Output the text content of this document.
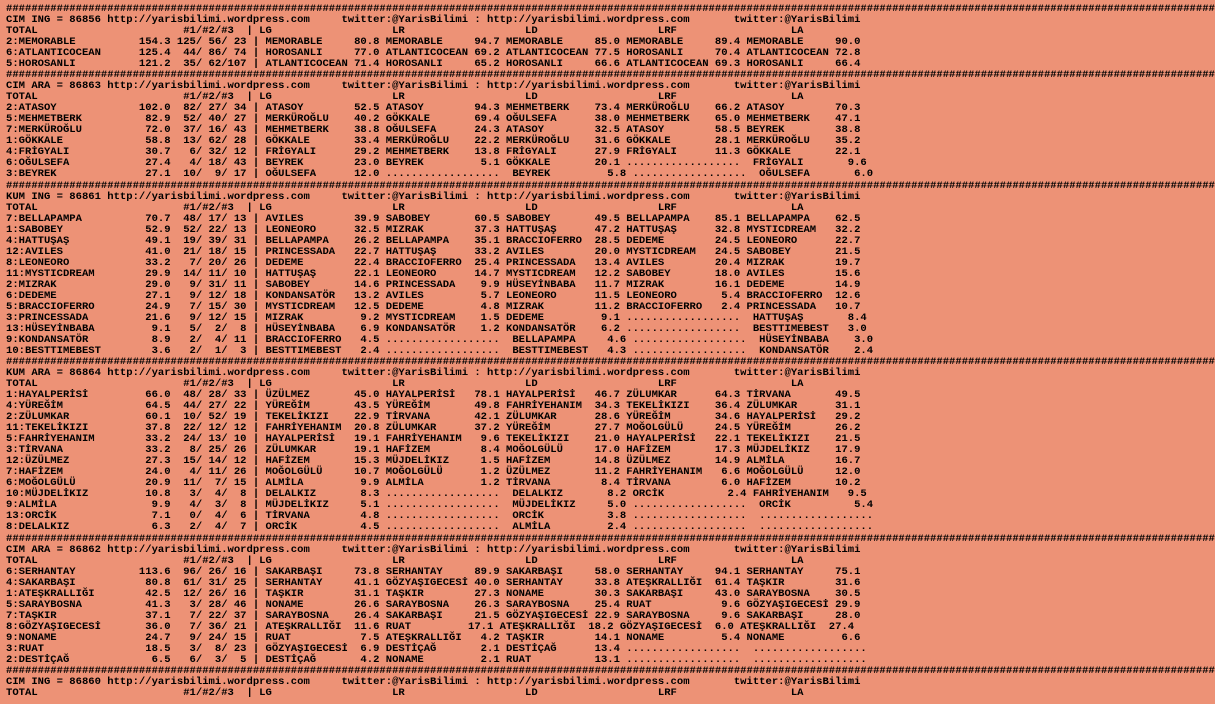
###############################################################################################################################################################################################
CIM ING = 86856 http://yarisbilimi.wordpress.com     twitter:@YarisBilimi : http://yarisbilimi.wordpress.com       twitter:@YarisBilimi
TOTAL                       #1/#2/#3  | LG                   LR                   LD                   LRF                  LA
2:MEMORABLE          154.3 125/ 56/ 23 | MEMORABLE     80.8 MEMORABLE     94.7 MEMORABLE     85.0 MEMORABLE     89.4 MEMORABLE     90.0
6:ATLANTICOCEAN      125.4  44/ 86/ 74 | HOROSANLI     77.0 ATLANTICOCEAN 69.2 ATLANTICOCEAN 77.5 HOROSANLI     70.4 ATLANTICOCEAN 72.8
5:HOROSANLI          121.2  35/ 62/107 | ATLANTICOCEAN 71.4 HOROSANLI     65.2 HOROSANLI     66.6 ATLANTICOCEAN 69.3 HOROSANLI     66.4
###############################################################################################################################################################################################
CIM ARA = 86863 http://yarisbilimi.wordpress.com     twitter:@YarisBilimi : http://yarisbilimi.wordpress.com       twitter:@YarisBilimi
TOTAL                       #1/#2/#3  | LG                   LR                   LD                   LRF                  LA
2:ATASOY             102.0  82/ 27/ 34 | ATASOY        52.5 ATASOY        94.3 MEHMETBERK    73.4 MERKÜROĞLU    66.2 ATASOY        70.3
5:MEHMETBERK          82.9  52/ 40/ 27 | MERKÜROĞLU    40.2 GÖKKALE       69.4 OĞULSEFA      38.0 MEHMETBERK    65.0 MEHMETBERK    47.1
7:MERKÜROĞLU          72.0  37/ 16/ 43 | MEHMETBERK    38.8 OĞULSEFA      24.3 ATASOY        32.5 ATASOY        58.5 BEYREK        38.8
1:GÖKKALE             58.8  13/ 62/ 28 | GÖKKALE       33.4 MERKÜROĞLU    22.2 MERKÜROĞLU    31.6 GÖKKALE       28.1 MERKÜROĞLU    35.2
4:FRİGYALI            30.7   6/ 32/ 12 | FRİGYALI      29.2 MEHMETBERK    13.8 FRİGYALI      27.9 FRİGYALI      11.3 GÖKKALE       22.1
6:OĞULSEFA            27.4   4/ 18/ 43 | BEYREK        23.0 BEYREK         5.1 GÖKKALE       20.1 ..................  FRİGYALI       9.6
3:BEYREK              27.1  10/  9/ 17 | OĞULSEFA      12.0 ..................  BEYREK         5.8 ..................  OĞULSEFA       6.0
###############################################################################################################################################################################################
KUM ING = 86861 http://yarisbilimi.wordpress.com     twitter:@YarisBilimi : http://yarisbilimi.wordpress.com       twitter:@YarisBilimi
TOTAL                       #1/#2/#3  | LG                   LR                   LD                   LRF                  LA
7:BELLAPAMPA          70.7  48/ 17/ 13 | AVILES        39.9 SABOBEY       60.5 SABOBEY       49.5 BELLAPAMPA    85.1 BELLAPAMPA    62.5
1:SABOBEY             52.9  52/ 22/ 13 | LEONEORO      32.5 MIZRAK        37.3 HATTUŞAŞ      47.2 HATTUŞAŞ      32.8 MYSTICDREAM   32.2
4:HATTUŞAŞ            49.1  19/ 39/ 31 | BELLAPAMPA    26.2 BELLAPAMPA    35.1 BRACCIOFERRO  28.5 DEDEME        24.5 LEONEORO      22.7
12:AVILES             41.0  21/ 18/ 15 | PRINCESSADA   22.7 HATTUŞAŞ      33.2 AVILES        20.0 MYSTICDREAM   24.5 SABOBEY       21.5
8:LEONEORO            33.2   7/ 20/ 26 | DEDEME        22.4 BRACCIOFERRO  25.4 PRINCESSADA   13.4 AVILES        20.4 MIZRAK        19.7
11:MYSTICDREAM        29.9  14/ 11/ 10 | HATTUŞAŞ      22.1 LEONEORO      14.7 MYSTICDREAM   12.2 SABOBEY       18.0 AVILES        15.6
2:MIZRAK              29.0   9/ 31/ 11 | SABOBEY       14.6 PRINCESSADA    9.9 HÜSEYİNBABA   11.7 MIZRAK        16.1 DEDEME        14.9
6:DEDEME              27.1   9/ 12/ 18 | KONDANSATÖR   13.2 AVILES         5.7 LEONEORO      11.5 LEONEORO       5.4 BRACCIOFERRO  12.6
5:BRACCIOFERRO        24.9   7/ 15/ 30 | MYSTICDREAM   12.5 DEDEME         4.8 MIZRAK        11.2 BRACCIOFERRO   2.4 PRINCESSADA   10.7
3:PRINCESSADA         21.6   9/ 12/ 15 | MIZRAK         9.2 MYSTICDREAM    1.5 DEDEME         9.1 ..................  HATTUŞAŞ       8.4
13:HÜSEYİNBABA         9.1   5/  2/  8 | HÜSEYİNBABA    6.9 KONDANSATÖR    1.2 KONDANSATÖR    6.2 ..................  BESTTIMEBEST   3.0
9:KONDANSATÖR          8.9   2/  4/ 11 | BRACCIOFERRO   4.5 ..................  BELLAPAMPA     4.6 ..................  HÜSEYİNBABA    3.0
10:BESTTIMEBEST        3.6   2/  1/  3 | BESTTIMEBEST   2.4 ..................  BESTTIMEBEST   4.3 ..................  KONDANSATÖR    2.4
###############################################################################################################################################################################################
KUM ARA = 86864 http://yarisbilimi.wordpress.com     twitter:@YarisBilimi : http://yarisbilimi.wordpress.com       twitter:@YarisBilimi
TOTAL                       #1/#2/#3  | LG                   LR                   LD                   LRF                  LA
1:HAYALPERİSİ         66.0  48/ 28/ 33 | ÜZÜLMEZ       45.0 HAYALPERİSİ   78.1 HAYALPERİSİ   46.7 ZÜLUMKAR      64.3 TİRVANA       49.5
4:YÜREĞİM             64.5  44/ 27/ 22 | YÜREĞİM       43.5 YÜREĞİM       49.8 FAHRİYEHANIM  34.3 TEKELİKIZI    36.4 ZÜLUMKAR      31.1
2:ZÜLUMKAR            60.1  10/ 52/ 19 | TEKELİKIZI    22.9 TİRVANA       42.1 ZÜLUMKAR      28.6 YÜREĞİM       34.6 HAYALPERİSİ   29.2
11:TEKELİKIZI         37.8  22/ 12/ 12 | FAHRİYEHANIM  20.8 ZÜLUMKAR      37.2 YÜREĞİM       27.7 MOĞOLGÜLÜ     24.5 YÜREĞİM       26.2
5:FAHRİYEHANIM        33.2  24/ 13/ 10 | HAYALPERİSİ   19.1 FAHRİYEHANIM   9.6 TEKELİKIZI    21.0 HAYALPERİSİ   22.1 TEKELİKIZI    21.5
3:TİRVANA             33.2   8/ 25/ 26 | ZÜLUMKAR      19.1 HAFİZEM        8.4 MOĞOLGÜLÜ     17.0 HAFİZEM       17.3 MÜJDELİKIZ    17.9
12:ÜZÜLMEZ            27.3  15/ 14/ 12 | HAFİZEM       15.3 MÜJDELİKIZ     1.5 HAFİZEM       14.8 ÜZÜLMEZ       14.9 ALMİLA        16.7
7:HAFİZEM             24.0   4/ 11/ 26 | MOĞOLGÜLÜ     10.7 MOĞOLGÜLÜ      1.2 ÜZÜLMEZ       11.2 FAHRİYEHANIM   6.6 MOĞOLGÜLÜ     12.0
6:MOĞOLGÜLÜ           20.9  11/  7/ 15 | ALMİLA         9.9 ALMİLA         1.2 TİRVANA        8.4 TİRVANA        6.0 HAFİZEM       10.2
10:MÜJDELİKIZ         10.8   3/  4/  8 | DELALKIZ       8.3 ..................  DELALKIZ       8.2 ORCİK          2.4 FAHRİYEHANIM   9.5
9:ALMİLA               9.9   4/  3/  8 | MÜJDELİKIZ     5.1 ..................  MÜJDELİKIZ     5.0 ..................  ORCİK          5.4
13:ORCİK               7.1   0/  4/  6 | TİRVANA        4.8 ..................  ORCİK          3.8 ..................  ..................
8:DELALKIZ             6.3   2/  4/  7 | ORCİK          4.5 ..................  ALMİLA         2.4 ..................  ..................
###############################################################################################################################################################################################
CIM ARA = 86862 http://yarisbilimi.wordpress.com     twitter:@YarisBilimi : http://yarisbilimi.wordpress.com       twitter:@YarisBilimi
TOTAL                       #1/#2/#3  | LG                   LR                   LD                   LRF                  LA
6:SERHANTAY          113.6  96/ 26/ 16 | SAKARBAŞI     73.8 SERHANTAY     89.9 SAKARBAŞI     58.0 SERHANTAY     94.1 SERHANTAY     75.1
4:SAKARBAŞI           80.8  61/ 31/ 25 | SERHANTAY     41.1 GÖZYAŞIGECESİ 40.0 SERHANTAY     33.8 ATEŞKRALLIĞI  61.4 TAŞKIR        31.6
1:ATEŞKRALLIĞI        42.5  12/ 26/ 16 | TAŞKIR        31.1 TAŞKIR        27.3 NONAME        30.3 SAKARBAŞI     43.0 SARAYBOSNA    30.5
5:SARAYBOSNA          41.3   3/ 28/ 46 | NONAME        26.6 SARAYBOSNA    26.3 SARAYBOSNA    25.4 RUAT           9.6 GÖZYAŞIGECESİ 29.9
7:TAŞKIR              37.1   7/ 22/ 37 | SARAYBOSNA    26.4 SAKARBAŞI     21.5 GÖZYAŞIGECESİ 22.9 SARAYBOSNA     9.6 SAKARBAŞI     28.0
8:GÖZYAŞIGECESİ       36.0   7/ 36/ 21 | ATEŞKRALLIĞI  11.6 RUAT         17.1 ATEŞKRALLIĞI  18.2 GÖZYAŞIGECESİ  6.0 ATEŞKRALLIĞI  27.4
9:NONAME              24.7   9/ 24/ 15 | RUAT           7.5 ATEŞKRALLIĞI   4.2 TAŞKIR        14.1 NONAME         5.4 NONAME         6.6
3:RUAT                18.5   3/  8/ 23 | GÖZYAŞIGECESİ  6.9 DESTİÇAĞ       2.1 DESTİÇAĞ      13.4 ..................  ..................
2:DESTİÇAĞ             6.5   6/  3/  5 | DESTİÇAĞ       4.2 NONAME         2.1 RUAT          13.1 ..................  ..................
###############################################################################################################################################################################################
CIM ING = 86860 http://yarisbilimi.wordpress.com     twitter:@YarisBilimi : http://yarisbilimi.wordpress.com       twitter:@YarisBilimi
TOTAL                       #1/#2/#3  | LG                   LR                   LD                   LRF                  LA
